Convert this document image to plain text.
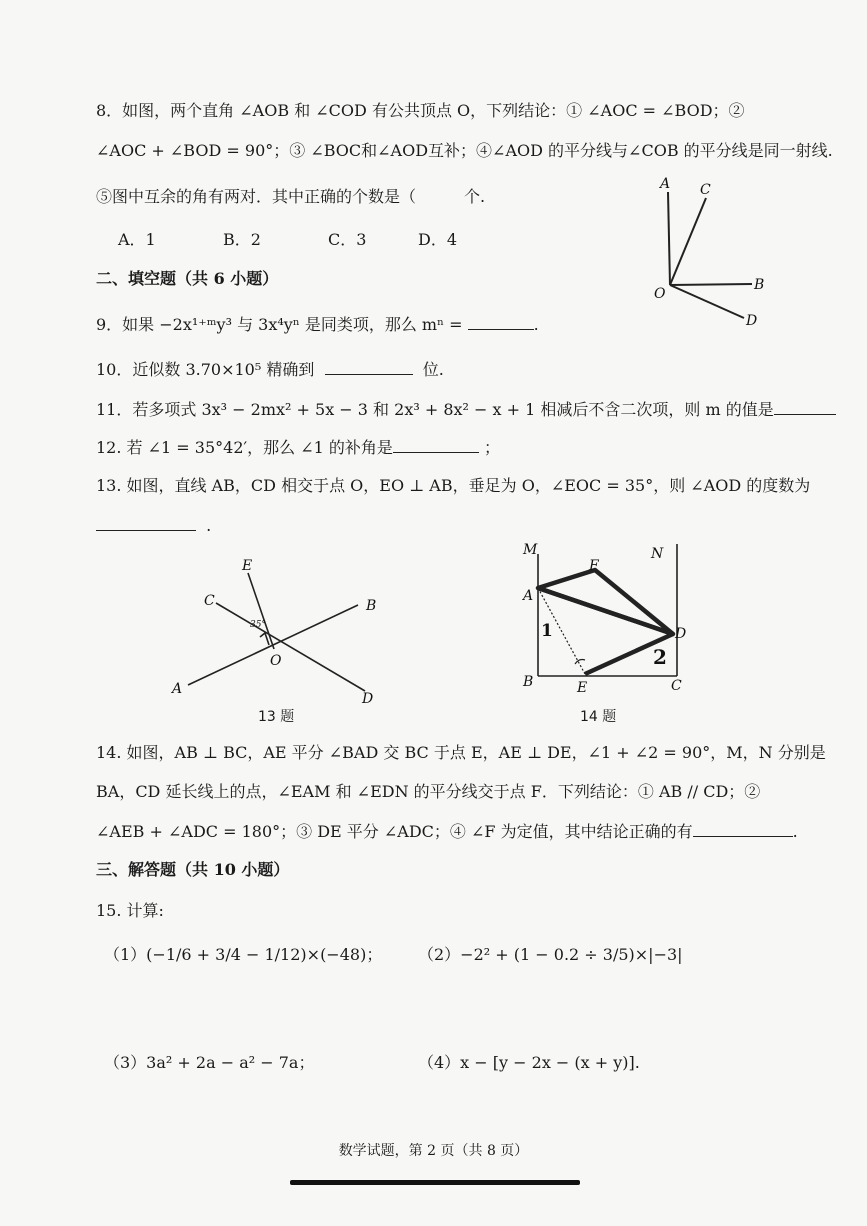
8．如图，两个直角 ∠AOB 和 ∠COD 有公共顶点 O，下列结论：① ∠AOC = ∠BOD；②
∠AOC + ∠BOD = 90°；③ ∠BOC和∠AOD互补；④∠AOD 的平分线与∠COB 的平分线是同一射线.
⑤图中互余的角有两对．其中正确的个数是（　　　个.
A．1	B．2	C．3	D．4
A C
O
B
D
二、填空题（共 6 小题）
9．如果 −2x¹⁺ᵐy³ 与 3x⁴yⁿ 是同类项，那么 mⁿ =	.
10．近似数 3.70×10⁵ 精确到	位.
11．若多项式 3x³ − 2mx² + 5x − 3 和 2x³ + 8x² − x + 1 相减后不含二次项，则 m 的值是
12. 若 ∠1 = 35°42′，那么 ∠1 的补角是	；
13. 如图，直线 AB，CD 相交于点 O，EO ⊥ AB，垂足为 O，∠EOC = 35°，则 ∠AOD 的度数为
.
E
C	B
O
A
D
35°
13 题
M	N
F
A
D
B	E	C
1
2
14 题
14. 如图，AB ⊥ BC，AE 平分 ∠BAD 交 BC 于点 E，AE ⊥ DE，∠1 + ∠2 = 90°，M，N 分别是
BA，CD 延长线上的点，∠EAM 和 ∠EDN 的平分线交于点 F．下列结论：① AB // CD；②
∠AEB + ∠ADC = 180°；③ DE 平分 ∠ADC；④ ∠F 为定值，其中结论正确的有	.
三、解答题（共 10 小题）
15. 计算:
（1）(−1/6 + 3/4 − 1/12)×(−48)； （2）−2² + (1 − 0.2 ÷ 3/5)×|−3|
（3）3a² + 2a − a² − 7a；	（4）x − [y − 2x − (x + y)].
数学试题，第 2 页（共 8 页）
